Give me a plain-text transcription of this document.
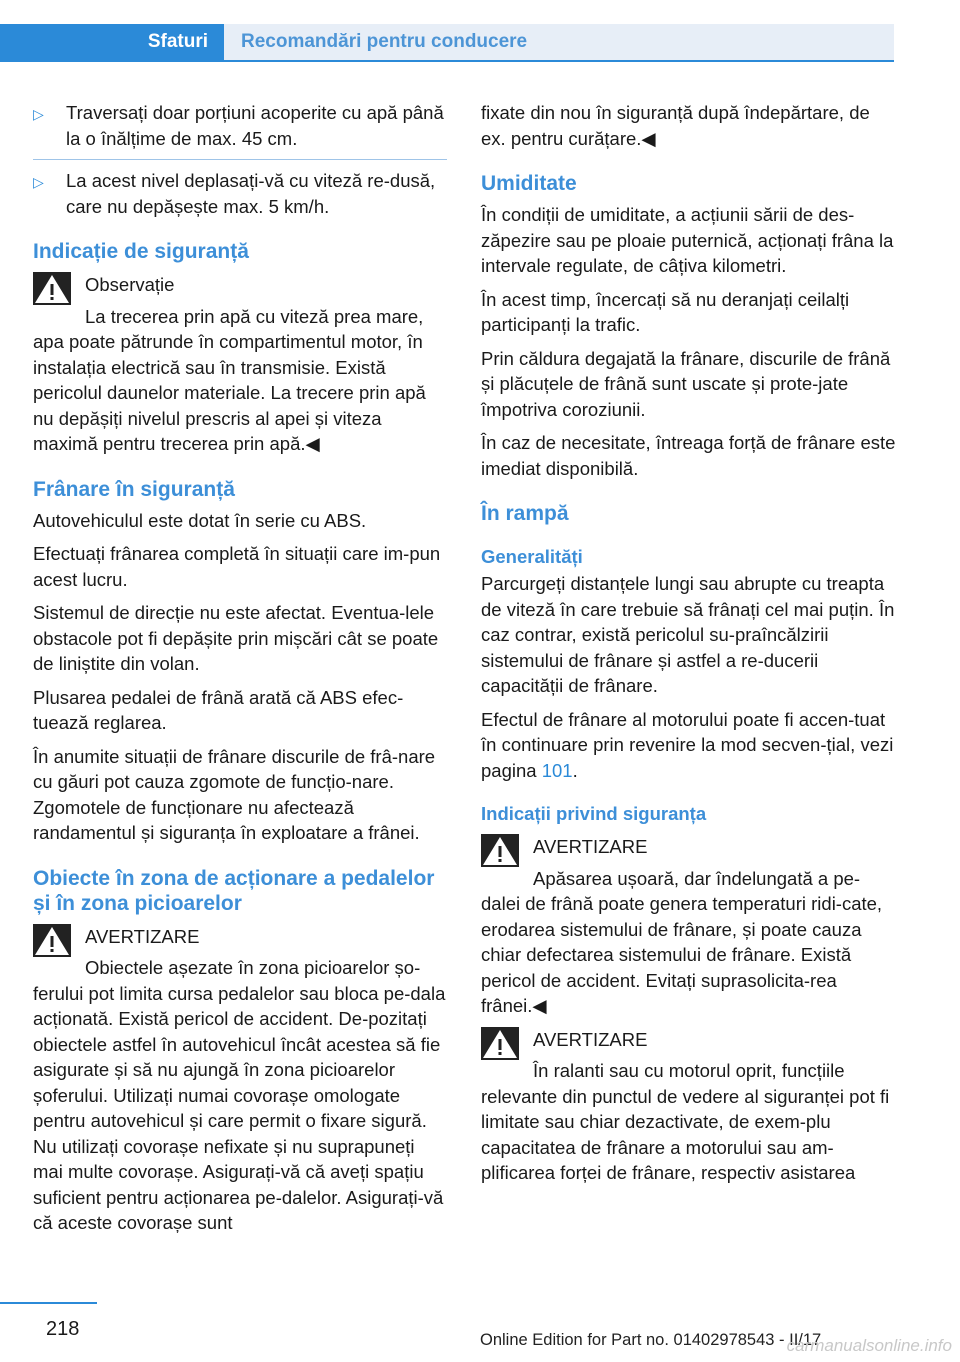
Sfaturi	Recomandări pentru conducere
▷ Traversați doar porțiuni acoperite cu apă până la o înălțime de max. 45 cm.
▷ La acest nivel deplasați-vă cu viteză re‐dusă, care nu depășește max. 5 km/h.
Indicație de siguranță
Observație
La trecerea prin apă cu viteză prea mare, apa poate pătrunde în compartimentul motor, în instalația electrică sau în transmisie. Există pericolul daunelor materiale. La trecere prin apă nu depășiți nivelul prescris al apei și viteza maximă pentru trecerea prin apă.◀
Frânare în siguranță

Autovehiculul este dotat în serie cu ABS.

Efectuați frânarea completă în situații care im‐pun acest lucru.

Sistemul de direcție nu este afectat. Eventua‐lele obstacole pot fi depășite prin mișcări cât se poate de liniștite din volan.

Plusarea pedalei de frână arată că ABS efec‐tuează reglarea.

În anumite situații de frânare discurile de frâ‐nare cu găuri pot cauza zgomote de funcțio‐nare. Zgomotele de funcționare nu afectează randamentul și siguranța în exploatare a frânei.

Obiecte în zona de acționare a pedalelor și în zona picioarelor
AVERTIZARE
Obiectele așezate în zona picioarelor șo‐ferului pot limita cursa pedalelor sau bloca pe‐dala acționată. Există pericol de accident. De‐pozitați obiectele astfel în autovehicul încât acestea să fie asigurate și să nu ajungă în zona picioarelor șoferului. Utilizați numai covorașe omologate pentru autovehicul și care permit o fixare sigură. Nu utilizați covorașe nefixate și nu suprapuneți mai multe covorașe. Asigurați-vă că aveți spațiu suficient pentru acționarea pe‐dalelor. Asigurați-vă că aceste covorașe sunt

fixate din nou în siguranță după îndepărtare, de ex. pentru curățare.◀

Umiditate

În condiții de umiditate, a acțiunii sării de des‐zăpezire sau pe ploaie puternică, acționați frâna la intervale regulate, de câțiva kilometri.

În acest timp, încercați să nu deranjați ceilalți participanți la trafic.

Prin căldura degajată la frânare, discurile de frână și plăcuțele de frână sunt uscate și prote‐jate împotriva coroziunii.

În caz de necesitate, întreaga forță de frânare este imediat disponibilă.

În rampă
Generalități

Parcurgeți distanțele lungi sau abrupte cu treapta de viteză în care trebuie să frânați cel mai puțin. În caz contrar, există pericolul su‐praîncălzirii sistemului de frânare și astfel a re‐ducerii capacității de frânare.

Efectul de frânare al motorului poate fi accen‐tuat în continuare prin revenire la mod secven‐țial, vezi pagina 101.

Indicații privind siguranța
AVERTIZARE
Apăsarea ușoară, dar îndelungată a pe‐dalei de frână poate genera temperaturi ridi‐cate, erodarea sistemului de frânare, și poate cauza chiar defectarea sistemului de frânare. Există pericol de accident. Evitați suprasolicita‐rea frânei.◀
AVERTIZARE
În ralanti sau cu motorul oprit, funcțiile relevante din punctul de vedere al siguranței pot fi limitate sau chiar dezactivate, de exem‐plu capacitatea de frânare a motorului sau am‐plificarea forței de frânare, respectiv asistarea
218	Online Edition for Part no. 01402978543 - II/17
carmanualsonline.info
